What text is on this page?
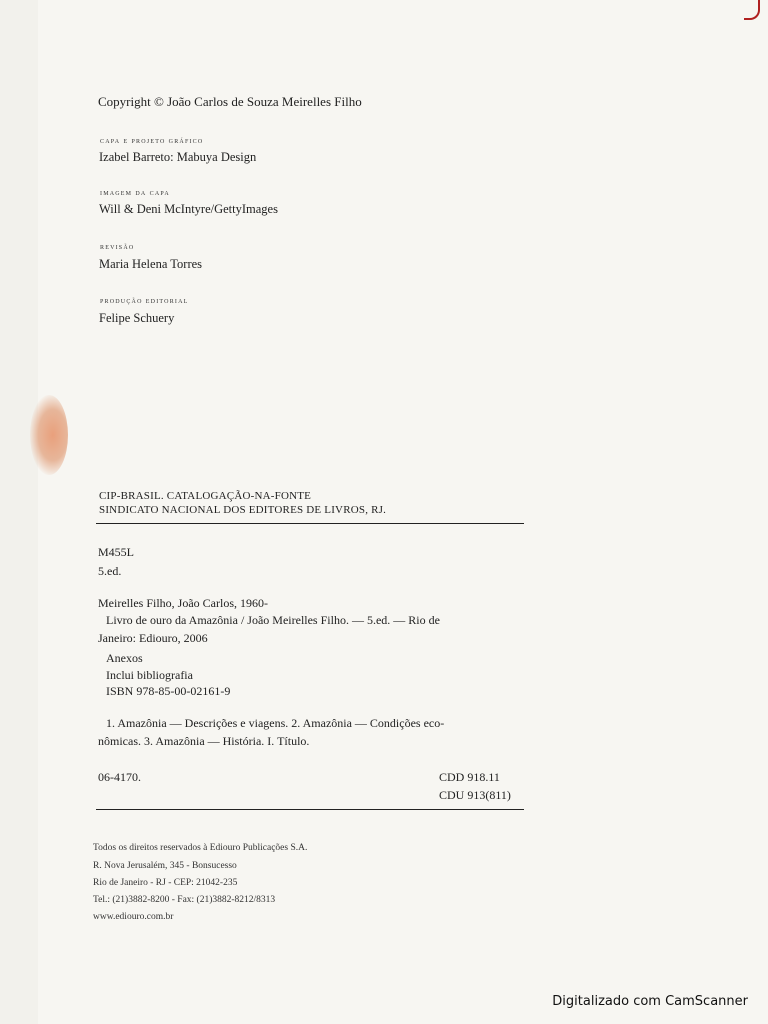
Copyright © João Carlos de Souza Meirelles Filho
capa e projeto gráfico
Izabel Barreto: Mabuya Design
imagem da capa
Will & Deni McIntyre/GettyImages
revisão
Maria Helena Torres
produção editorial
Felipe Schuery
CIP-BRASIL. CATALOGAÇÃO-NA-FONTE
SINDICATO NACIONAL DOS EDITORES DE LIVROS, RJ.
M455L
5.ed.
Meirelles Filho, João Carlos, 1960-
Livro de ouro da Amazônia / João Meirelles Filho. — 5.ed. — Rio de
Janeiro: Ediouro, 2006
Anexos
Inclui bibliografia
ISBN 978-85-00-02161-9
1. Amazônia — Descrições e viagens. 2. Amazônia — Condições eco-
nômicas. 3. Amazônia — História. I. Título.
06-4170.	CDD 918.11
CDU 913(811)
Todos os direitos reservados à Ediouro Publicações S.A.
R. Nova Jerusalém, 345 - Bonsucesso
Rio de Janeiro - RJ - CEP: 21042-235
Tel.: (21)3882-8200 - Fax: (21)3882-8212/8313
www.ediouro.com.br
Digitalizado com CamScanner
